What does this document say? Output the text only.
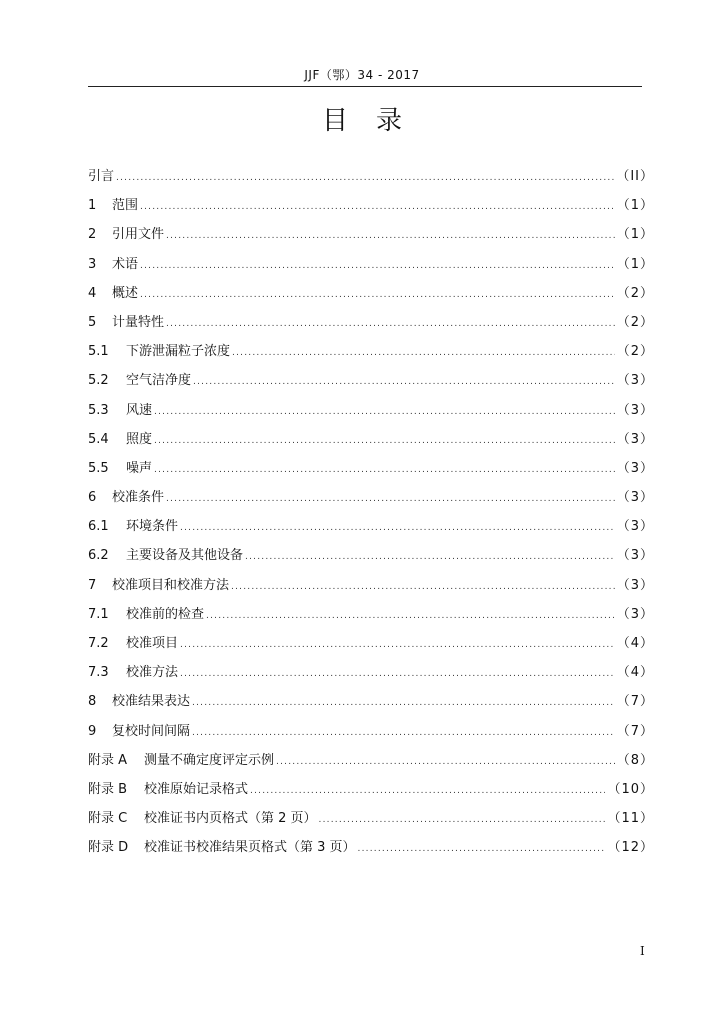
JJF（鄂）34 - 2017
目录
引言 .....	（II）
1	范围 .....	（1）
2	引用文件 .....	（1）
3	术语 .....	（1）
4	概述 .....	（2）
5	计量特性 .....	（2）
5.1	下游泄漏粒子浓度 .....	（2）
5.2	空气洁净度 .....	（3）
5.3	风速 .....	（3）
5.4	照度 .....	（3）
5.5	噪声 .....	（3）
6	校准条件 .....	（3）
6.1	环境条件 .....	（3）
6.2	主要设备及其他设备 .....	（3）
7	校准项目和校准方法 .....	（3）
7.1	校准前的检查 .....	（3）
7.2	校准项目 .....	（4）
7.3	校准方法 .....	（4）
8	校准结果表达 .....	（7）
9	复校时间间隔 .....	（7）
附录 A	测量不确定度评定示例 .....	（8）
附录 B	校准原始记录格式 .....	（10）
附录 C	校准证书内页格式（第 2 页） .....	（11）
附录 D	校准证书校准结果页格式（第 3 页） .....	（12）
I
